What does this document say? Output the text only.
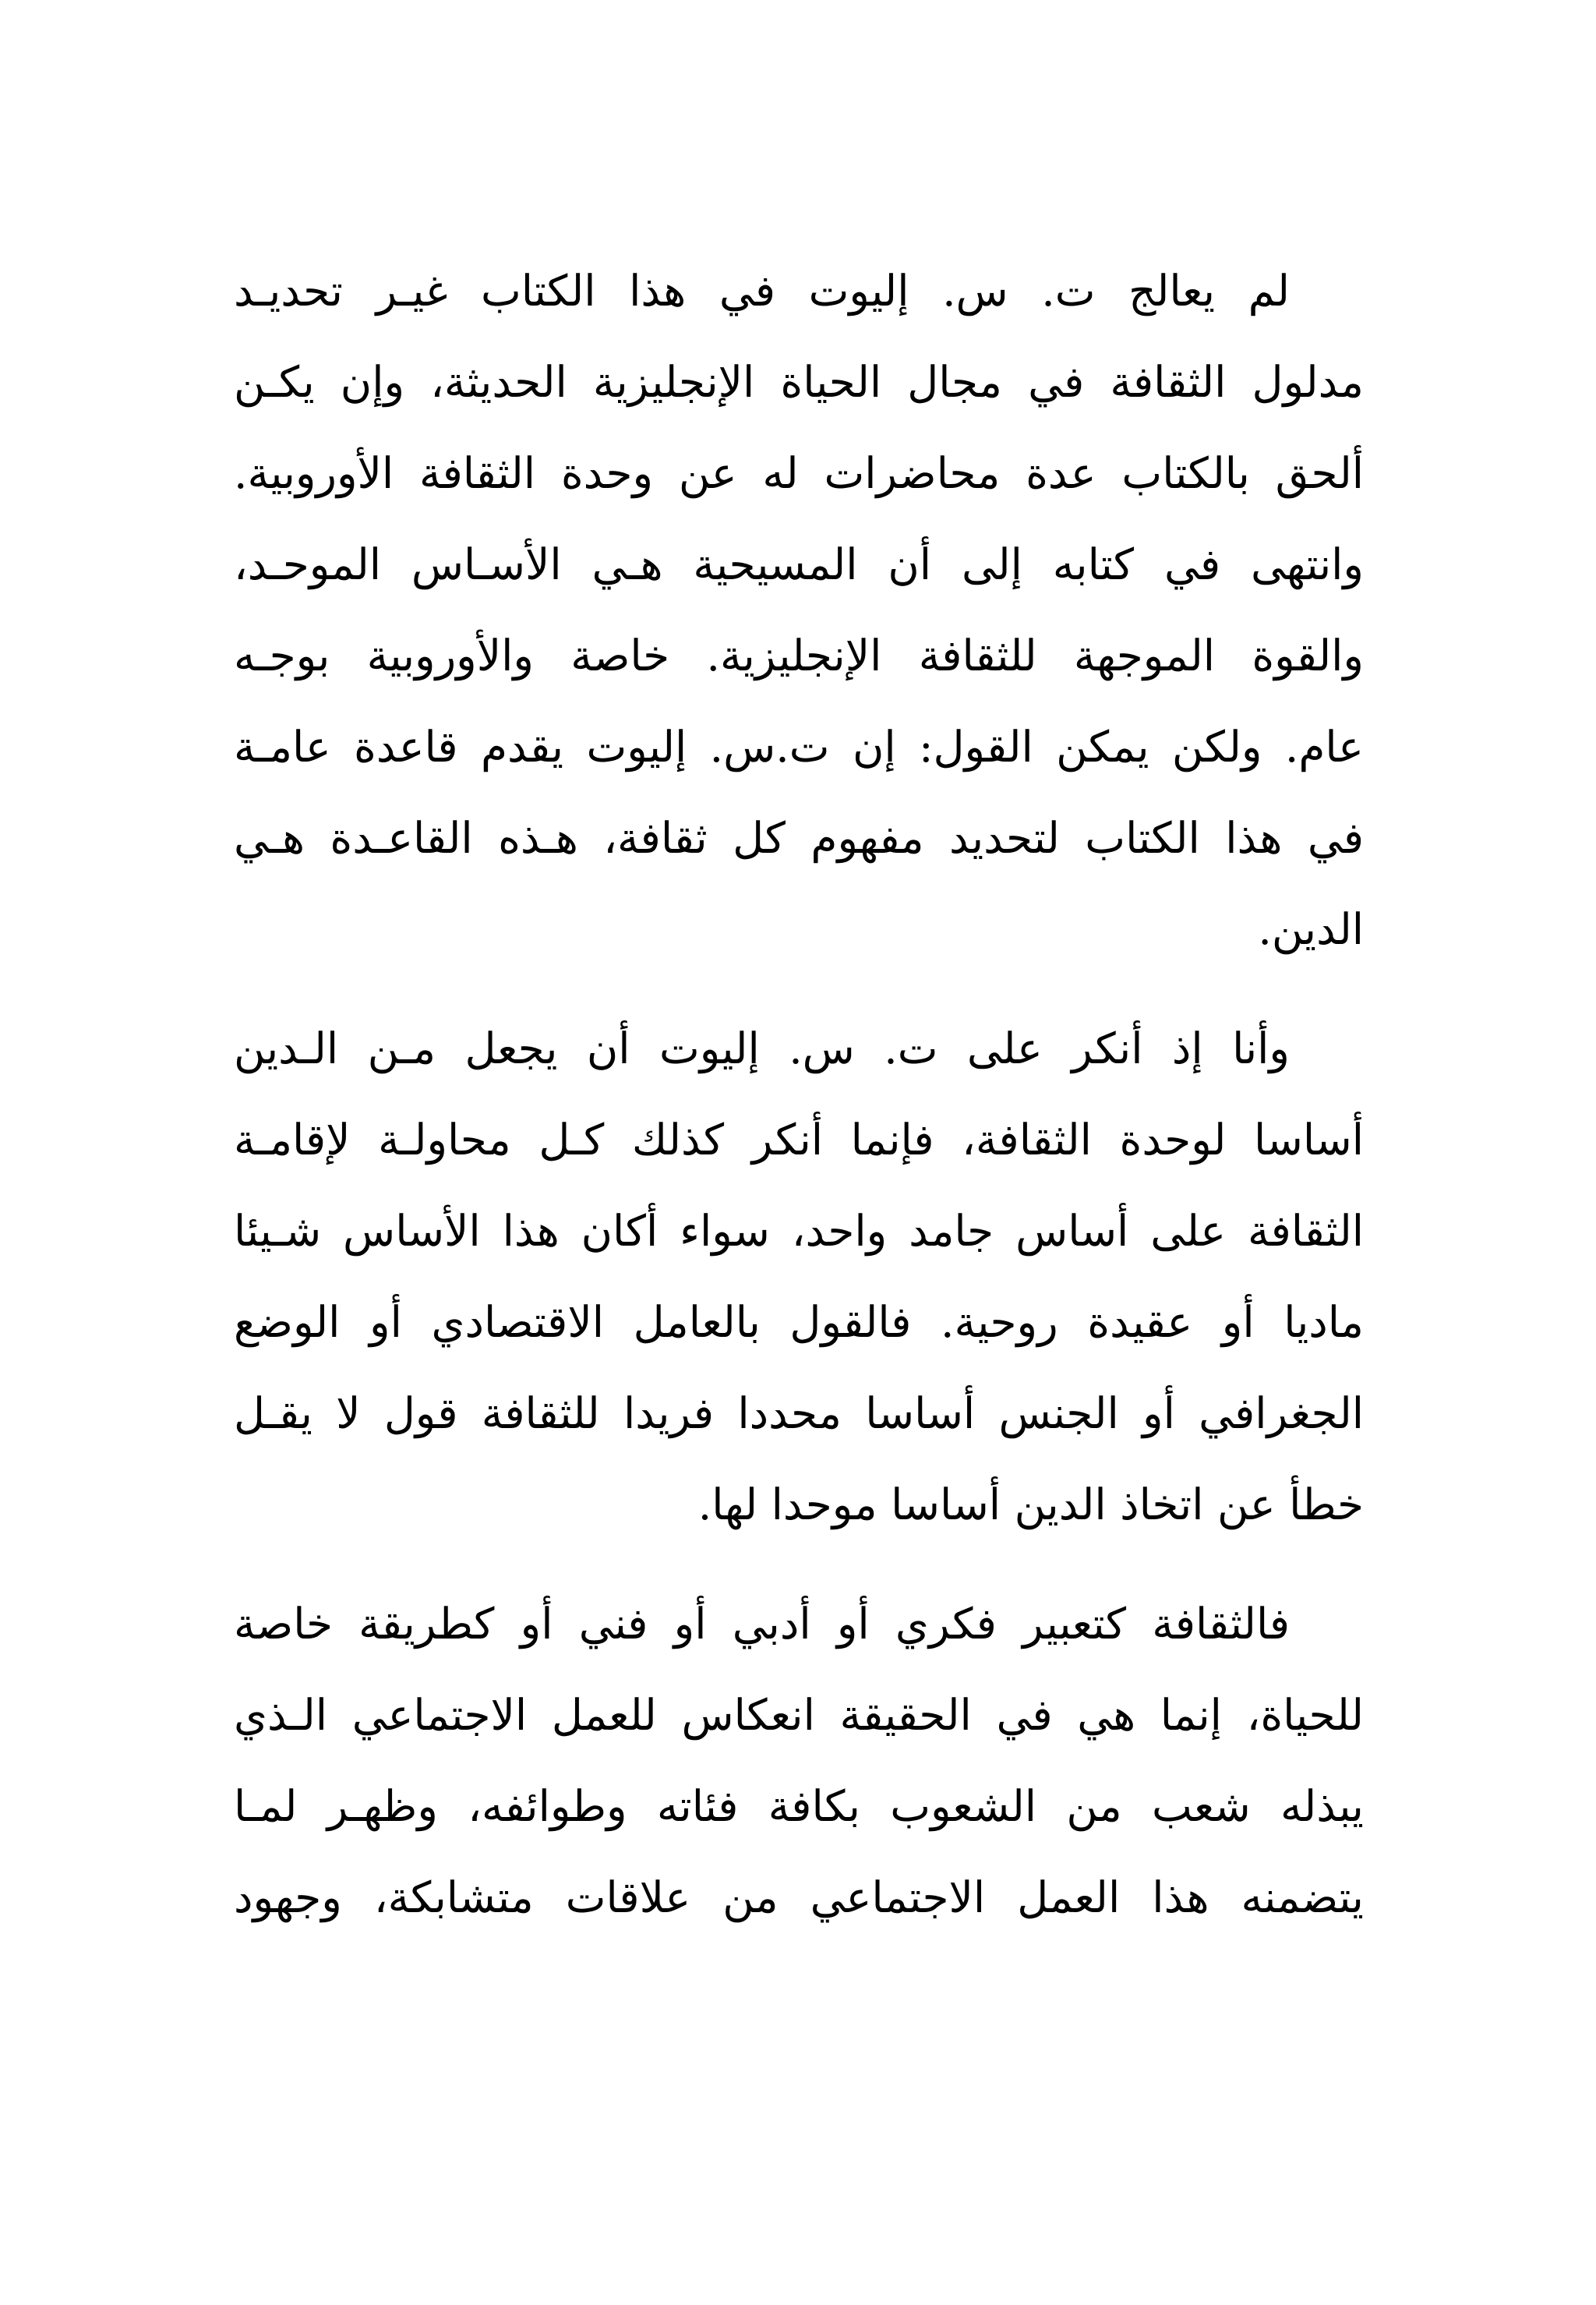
لم يعالج ت. س. إليوت في هذا الكتاب غيـر تحديـد
مدلول الثقافة في مجال الحياة الإنجليزية الحديثة، وإن يكـن
ألحق بالكتاب عدة محاضرات له عن وحدة الثقافة الأوروبية.
وانتهى في كتابه إلى أن المسيحية هـي الأسـاس الموحـد،
والقوة الموجهة للثقافة الإنجليزية. خاصة والأوروبية بوجـه
عام. ولكن يمكن القول: إن ت.س. إليوت يقدم قاعدة عامـة
في هذا الكتاب لتحديد مفهوم كل ثقافة، هـذه القاعـدة هـي
الدين.
وأنا إذ أنكر على ت. س. إليوت أن يجعل مـن الـدين
أساسا لوحدة الثقافة، فإنما أنكر كذلك كـل محاولـة لإقامـة
الثقافة على أساس جامد واحد، سواء أكان هذا الأساس شـيئا
ماديا أو عقيدة روحية. فالقول بالعامل الاقتصادي أو الوضع
الجغرافي أو الجنس أساسا محددا فريدا للثقافة قول لا يقـل
خطأ عن اتخاذ الدين أساسا موحدا لها.
فالثقافة كتعبير فكري أو أدبي أو فني أو كطريقة خاصة
للحياة، إنما هي في الحقيقة انعكاس للعمل الاجتماعي الـذي
يبذله شعب من الشعوب بكافة فئاته وطوائفه، وظهـر لمـا
يتضمنه هذا العمل الاجتماعي من علاقات متشابكة، وجهود
